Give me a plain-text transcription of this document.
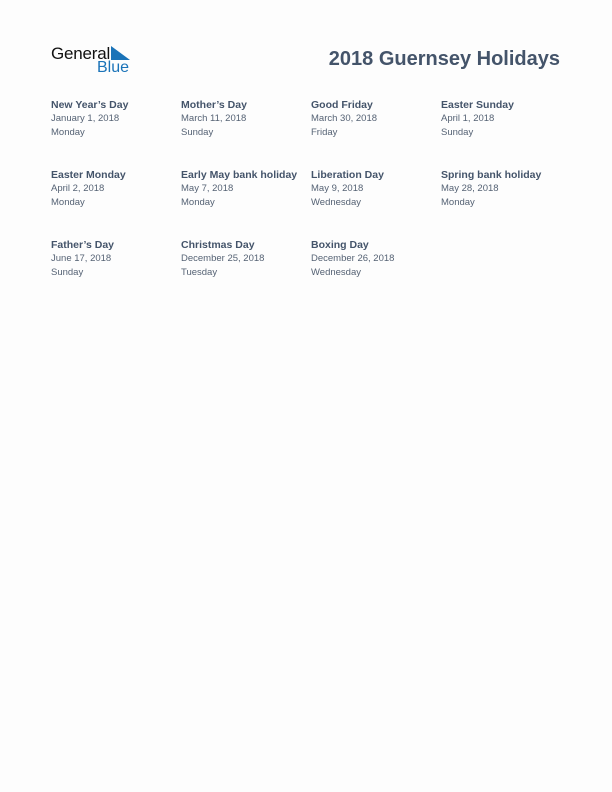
General
Blue	2018 Guernsey Holidays
New Year’s Day
January 1, 2018
Monday
Mother’s Day
March 11, 2018
Sunday
Good Friday
March 30, 2018
Friday
Easter Sunday
April 1, 2018
Sunday
Easter Monday
April 2, 2018
Monday
Early May bank holiday
May 7, 2018
Monday
Liberation Day
May 9, 2018
Wednesday
Spring bank holiday
May 28, 2018
Monday
Father’s Day
June 17, 2018
Sunday
Christmas Day
December 25, 2018
Tuesday
Boxing Day
December 26, 2018
Wednesday
